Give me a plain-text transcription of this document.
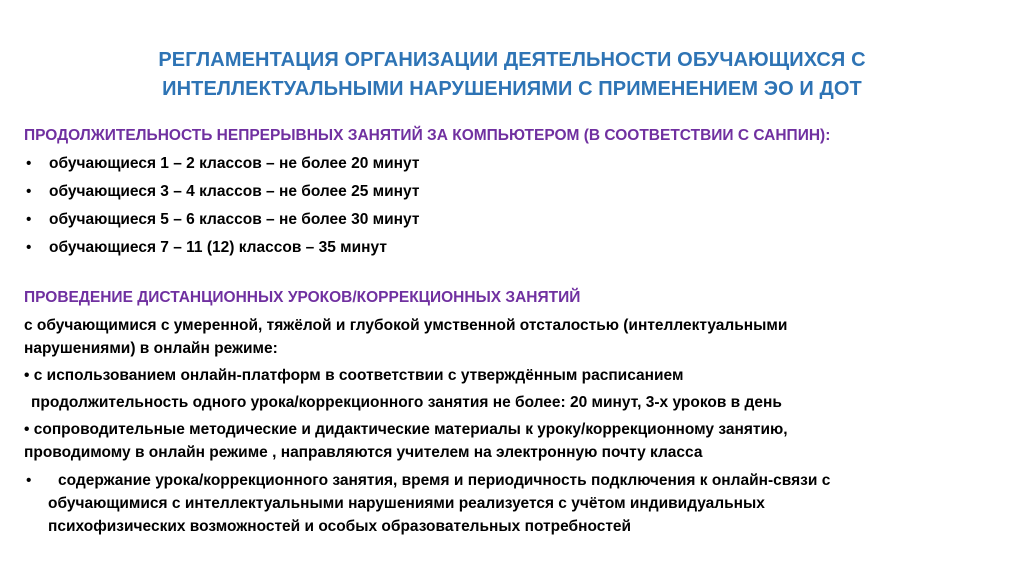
РЕГЛАМЕНТАЦИЯ ОРГАНИЗАЦИИ ДЕЯТЕЛЬНОСТИ ОБУЧАЮЩИХСЯ С
ИНТЕЛЛЕКТУАЛЬНЫМИ НАРУШЕНИЯМИ С ПРИМЕНЕНИЕМ ЭО И ДОТ
ПРОДОЛЖИТЕЛЬНОСТЬ НЕПРЕРЫВНЫХ ЗАНЯТИЙ ЗА КОМПЬЮТЕРОМ (В СООТВЕТСТВИИ С САНПИН):
• обучающиеся 1 – 2 классов – не более 20 минут
• обучающиеся 3 – 4 классов – не более 25 минут
• обучающиеся 5 – 6 классов – не более 30 минут
• обучающиеся 7 – 11 (12) классов – 35 минут
ПРОВЕДЕНИЕ ДИСТАНЦИОННЫХ УРОКОВ/КОРРЕКЦИОННЫХ ЗАНЯТИЙ
с обучающимися с умеренной, тяжёлой и глубокой умственной отсталостью (интеллектуальными
нарушениями) в онлайн режиме:
• с использованием онлайн-платформ в соответствии с утверждённым расписанием
продолжительность одного урока/коррекционного занятия не более: 20 минут, 3-х уроков в день
• сопроводительные методические и дидактические материалы к уроку/коррекционному занятию,
проводимому в онлайн режиме , направляются учителем на электронную почту класса
•	содержание урока/коррекционного занятия, время и периодичность подключения к онлайн-связи с
обучающимися с интеллектуальными нарушениями реализуется с учётом индивидуальных
психофизических возможностей и особых образовательных потребностей
